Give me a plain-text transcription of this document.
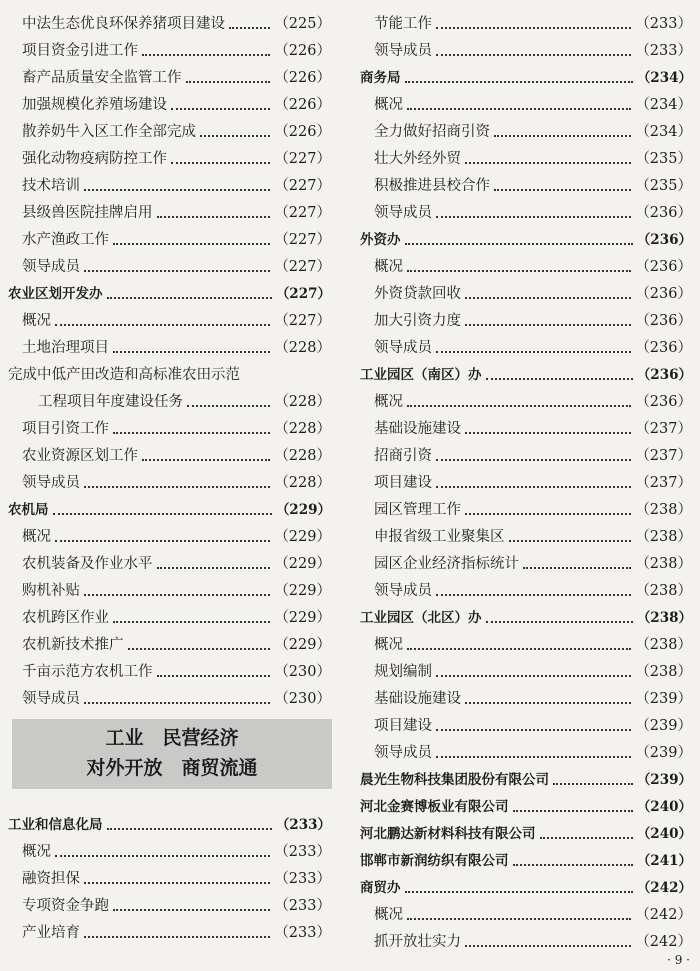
中法生态优良环保养猪项目建设	（225）
项目资金引进工作	（226）
畜产品质量安全监管工作	（226）
加强规模化养殖场建设	（226）
散养奶牛入区工作全部完成	（226）
强化动物疫病防控工作	（227）
技术培训	（227）
县级兽医院挂牌启用	（227）
水产渔政工作	（227）
领导成员	（227）
农业区划开发办	（227）
概况	（227）
土地治理项目	（228）
完成中低产田改造和高标准农田示范
工程项目年度建设任务	（228）
项目引资工作	（228）
农业资源区划工作	（228）
领导成员	（228）
农机局	（229）
概况	（229）
农机装备及作业水平	（229）
购机补贴	（229）
农机跨区作业	（229）
农机新技术推广	（229）
千亩示范方农机工作	（230）
领导成员	（230）
工业　民营经济
对外开放　商贸流通
工业和信息化局	（233）
概况	（233）
融资担保	（233）
专项资金争跑	（233）
产业培育	（233）
节能工作	（233）
领导成员	（233）
商务局	（234）
概况	（234）
全力做好招商引资	（234）
壮大外经外贸	（235）
积极推进县校合作	（235）
领导成员	（236）
外资办	（236）
概况	（236）
外资贷款回收	（236）
加大引资力度	（236）
领导成员	（236）
工业园区（南区）办	（236）
概况	（236）
基础设施建设	（237）
招商引资	（237）
项目建设	（237）
园区管理工作	（238）
申报省级工业聚集区	（238）
园区企业经济指标统计	（238）
领导成员	（238）
工业园区（北区）办	（238）
概况	（238）
规划编制	（238）
基础设施建设	（239）
项目建设	（239）
领导成员	（239）
晨光生物科技集团股份有限公司	（239）
河北金赛博板业有限公司	（240）
河北鹏达新材料科技有限公司	（240）
邯郸市新润纺织有限公司	（241）
商贸办	（242）
概况	（242）
抓开放壮实力	（242）
· 9 ·
